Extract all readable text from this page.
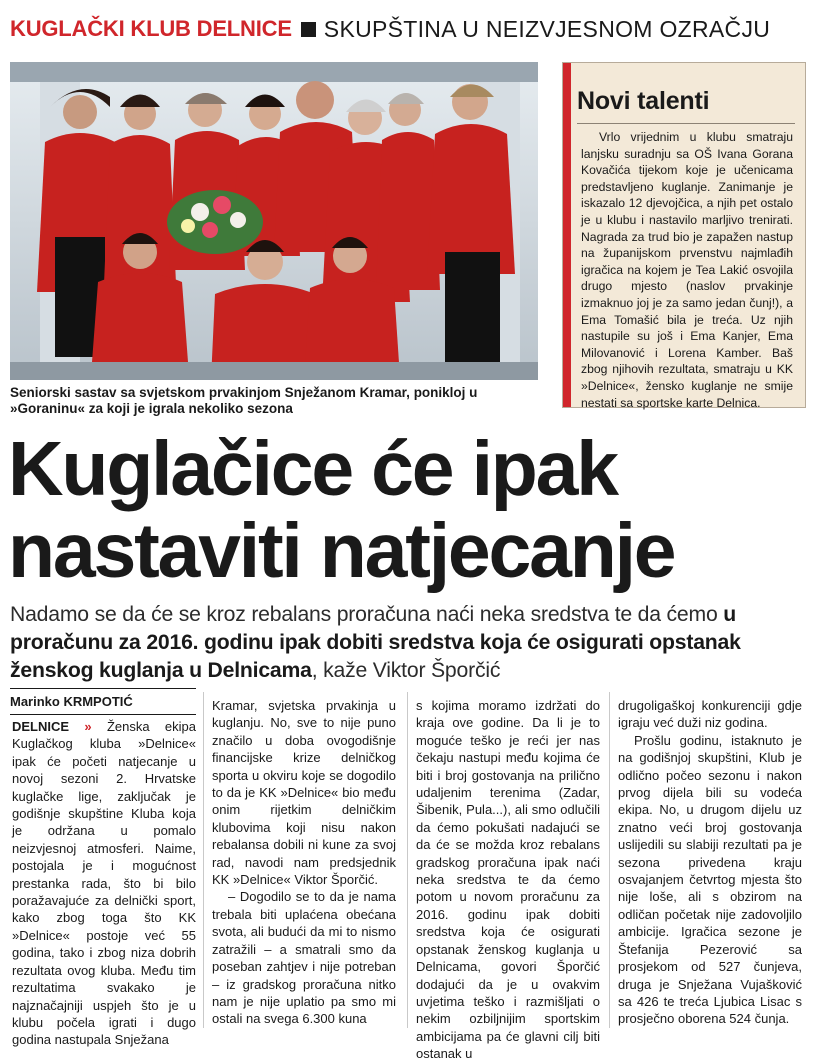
KUGLAČKI KLUB DELNICE SKUPŠTINA U NEIZVJESNOM OZRAČJU
Seniorski sastav sa svjetskom prvakinjom Snježanom Kramar, ponikloj u »Goraninu« za koji je igrala nekoliko sezona
Novi talenti

Vrlo vrijednim u klubu smatraju lanjsku suradnju sa OŠ Ivana Gorana Kovačića tijekom koje je učenicama predstavljeno kuglanje. Zanimanje je iskazalo 12 djevojčica, a njih pet ostalo je u klubu i nastavilo marljivo trenirati. Nagrada za trud bio je zapažen nastup na županijskom prvenstvu najmlađih igračica na kojem je Tea Lakić osvojila drugo mjesto (naslov prvakinje izmaknuo joj je za samo jedan čunj!), a Ema Tomašić bila je treća. Uz njih nastupile su još i Ema Kanjer, Ema Milovanović i Lorena Kamber. Baš zbog njihovih rezultata, smatraju u KK »Delnice«, žensko kuglanje ne smije nestati sa sportske karte Delnica.

Kuglačice će ipak
nastaviti natjecanje

Nadamo se da će se kroz rebalans proračuna naći neka sredstva te da ćemo u proračunu za 2016. godinu ipak dobiti sredstva koja će osigurati opstanak ženskog kuglanja u Delnicama, kaže Viktor Šporčić

Marinko KRMPOTIĆ

DELNICE » Ženska ekipa Kuglačkog kluba »Delnice« ipak će početi natjecanje u novoj sezoni 2. Hrvatske kuglačke lige, zaključak je godišnje skupštine Kluba koja je održana u pomalo neizvjesnoj atmosferi. Naime, postojala je i mogućnost prestanka rada, što bi bilo poražavajuće za delničkі sport, kako zbog toga što KK »Delnice« postoje već 55 godina, tako i zbog niza dobrih rezultata ovog kluba. Među tim rezultatima svakako je najznačajniji uspjeh što je u klubu počela igrati i dugo godina nastupala Snježana

Kramar, svjetska prvakinja u kuglanju. No, sve to nije puno značilo u doba ovogodišnje financijske krize delničkog sporta u okviru koje se dogodilo to da je KK »Delnice« bio među onim rijetkim delničkim klubovima koji nisu nakon rebalansa dobili ni kune za svoj rad, navodi nam predsjednik KK »Delnice« Viktor Šporčić.

– Dogodilo se to da je namа trebala biti uplaćena obećana svota, ali budući da mi to nismo zatražili – a smatrali smo da poseban zahtjev i nije potreban – iz gradskog proračuna nitko nam je nije uplatio pa smo mi ostali na svega 6.300 kuna

s kojima moramo izdržati do kraja ove godine. Da li je to moguće teško je reći jer nas čekaju nastupi među kojima će biti i broj gostovanja na prilično udaljenim terenima (Zadar, Šibenik, Pula...), ali smo odlučili da ćemo pokušati nadajući se da će se možda kroz rebalans gradskog proračuna ipak naći neka sredstva te da ćemo potom u novom proračunu za 2016. godinu ipak dobiti sredstva koja će osigurati opstanak ženskog kuglanja u Delnicama, govori Šporčić dodajući da je u ovakvim uvjetima teško i razmišljati o nekim ozbiljnijim sportskim ambicijama pa će glavni cilj biti ostanak u

drugoligaškoj konkurenciji gdje igraju već duži niz godina.

Prošlu godinu, istaknuto je na godišnjoj skupštini, Klub je odlično počeo sezonu i nakon prvog dijela bili su vodeća ekipa. No, u drugom dijelu uz znatno veći broj gostovanja uslijedili su slabiji rezultati pa je sezona privedena kraju osvajanjem četvrtog mjesta što nije loše, ali s obzirom na odličan početak nije zadovoljilo ambicije. Igračica sezone je Štefanija Pezerović sa prosjekom od 527 čunjeva, druga je Snježana Vujašković sa 426 te treća Ljubica Lisac s prosječno oborena 524 čunja.
